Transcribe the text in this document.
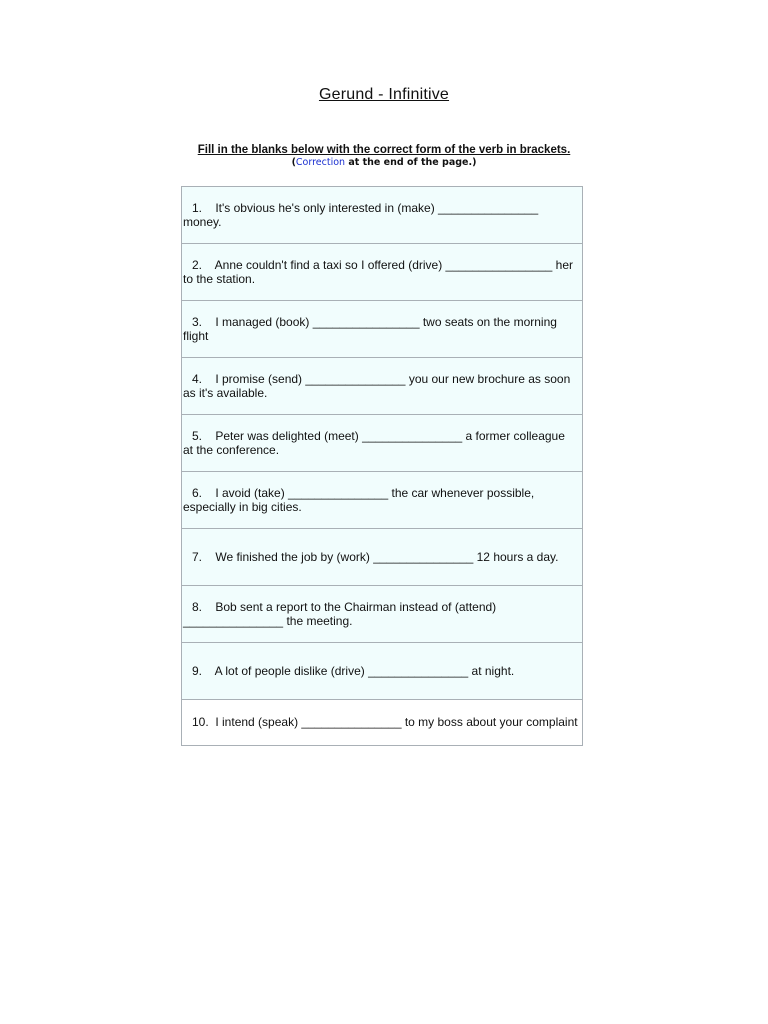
Gerund - Infinitive
Fill in the blanks below with the correct form of the verb in brackets.
(Correction at the end of the page.)
1.    It's obvious he's only interested in (make) _______________ money.
2.    Anne couldn't find a taxi so I offered (drive) ________________ her to the station.
3.    I managed (book) ________________ two seats on the morning flight
4.    I promise (send) _______________ you our new brochure as soon as it's available.
5.    Peter was delighted (meet) _______________ a former colleague at the conference.
6.    I avoid (take) _______________ the car whenever possible, especially in big cities.
7.    We finished the job by (work) _______________ 12 hours a day.
8.    Bob sent a report to the Chairman instead of (attend) _______________ the meeting.
9.    A lot of people dislike (drive) _______________ at night.
10.  I intend (speak) _______________ to my boss about your complaint
